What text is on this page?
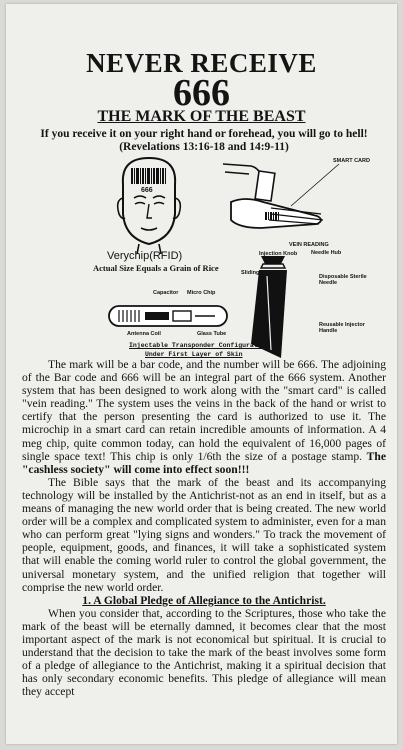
NEVER RECEIVE
666
THE MARK OF THE BEAST
If you receive it on your right hand or forehead, you will go to hell! (Revelations 13:16-18 and 14:9-11)
666
Verychip(RFID)
Actual Size Equals a Grain of Rice
SMART CARD
VEIN READING
Injection Knob	Needle Hub
Sliding Bar
Disposable Sterile Needle
Reusable Injector Handle
Capacitor Micro Chip
Antenna Coil	Glass Tube
Injectable Transponder Configuration
Under First Layer of Skin

The mark will be a bar code, and the number will be 666. The adjoining of the Bar code and 666 will be an integral part of the 666 system. Another system that has been designed to work along with the "smart card" is called "vein reading." The system uses the veins in the back of the hand or wrist to certify that the person presenting the card is authorized to use it. The microchip in a smart card can retain incredible amounts of information. A 4 meg chip, quite common today, can hold the equivalent of 16,000 pages of single space text! This chip is only 1/6th the size of a postage stamp. The "cashless society" will come into effect soon!!!

The Bible says that the mark of the beast and its accompanying technology will be installed by the Antichrist-not as an end in itself, but as a means of managing the new world order that is being created. The new world order will be a complex and complicated system to administer, even for a man who can perform great "lying signs and wonders." To track the movement of people, equipment, goods, and finances, it will take a sophisticated system that will enable the coming world ruler to control the global government, the universal monetary system, and the unified religion that together will comprise the new world order.

1. A Global Pledge of Allegiance to the Antichrist.

When you consider that, according to the Scriptures, those who take the mark of the beast will be eternally damned, it becomes clear that the most important aspect of the mark is not economical but spiritual. It is crucial to understand that the decision to take the mark of the beast involves some form of a pledge of allegiance to the Antichrist, making it a spiritual decision that has only secondary economic benefits. This pledge of allegiance will mean they accept
